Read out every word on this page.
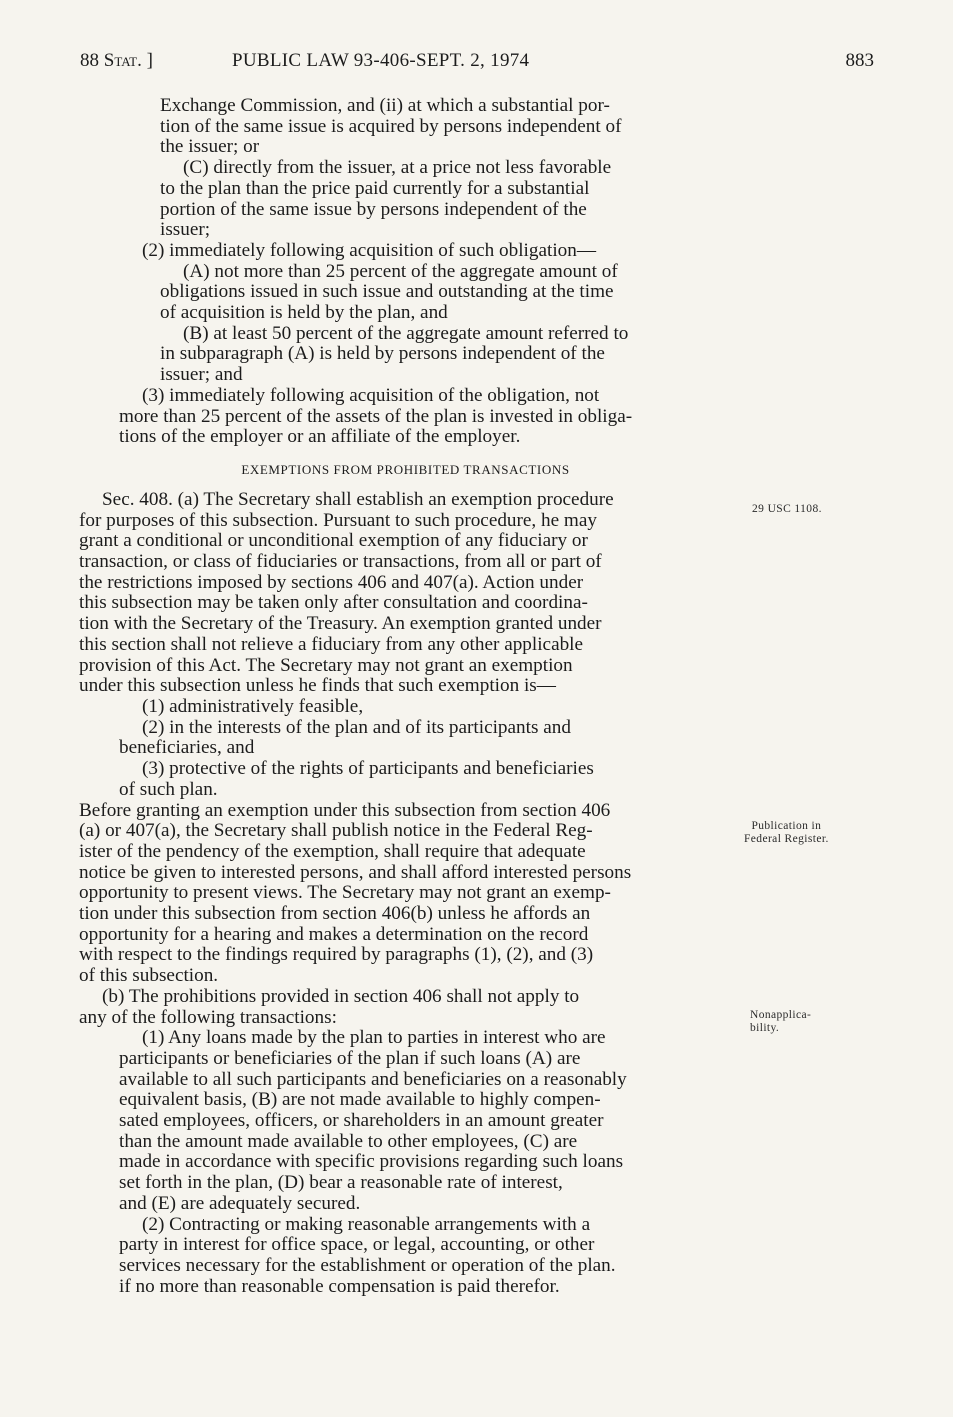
88 Stat. ]	PUBLIC LAW 93-406-SEPT. 2, 1974	883

Exchange Commission, and (ii) at which a substantial por-

tion of the same issue is acquired by persons independent of

the issuer; or

(C) directly from the issuer, at a price not less favorable

to the plan than the price paid currently for a substantial

portion of the same issue by persons independent of the

issuer;

(2) immediately following acquisition of such obligation—

(A) not more than 25 percent of the aggregate amount of

obligations issued in such issue and outstanding at the time

of acquisition is held by the plan, and

(B) at least 50 percent of the aggregate amount referred to

in subparagraph (A) is held by persons independent of the

issuer; and

(3) immediately following acquisition of the obligation, not

more than 25 percent of the assets of the plan is invested in obliga-

tions of the employer or an affiliate of the employer.

EXEMPTIONS FROM PROHIBITED TRANSACTIONS

Sec. 408. (a) The Secretary shall establish an exemption procedure

for purposes of this subsection. Pursuant to such procedure, he may

grant a conditional or unconditional exemption of any fiduciary or

transaction, or class of fiduciaries or transactions, from all or part of

the restrictions imposed by sections 406 and 407(a). Action under

this subsection may be taken only after consultation and coordina-

tion with the Secretary of the Treasury. An exemption granted under

this section shall not relieve a fiduciary from any other applicable

provision of this Act. The Secretary may not grant an exemption

under this subsection unless he finds that such exemption is—

(1) administratively feasible,

(2) in the interests of the plan and of its participants and

beneficiaries, and

(3) protective of the rights of participants and beneficiaries

of such plan.

Before granting an exemption under this subsection from section 406

(a) or 407(a), the Secretary shall publish notice in the Federal Reg-

ister of the pendency of the exemption, shall require that adequate

notice be given to interested persons, and shall afford interested persons

opportunity to present views. The Secretary may not grant an exemp-

tion under this subsection from section 406(b) unless he affords an

opportunity for a hearing and makes a determination on the record

with respect to the findings required by paragraphs (1), (2), and (3)

of this subsection.

(b) The prohibitions provided in section 406 shall not apply to

any of the following transactions:

(1) Any loans made by the plan to parties in interest who are

participants or beneficiaries of the plan if such loans (A) are

available to all such participants and beneficiaries on a reasonably

equivalent basis, (B) are not made available to highly compen-

sated employees, officers, or shareholders in an amount greater

than the amount made available to other employees, (C) are

made in accordance with specific provisions regarding such loans

set forth in the plan, (D) bear a reasonable rate of interest,

and (E) are adequately secured.

(2) Contracting or making reasonable arrangements with a

party in interest for office space, or legal, accounting, or other

services necessary for the establishment or operation of the plan.

if no more than reasonable compensation is paid therefor.

29 USC 1108.
Publication in
Federal Register.
Nonapplica-
bility.
